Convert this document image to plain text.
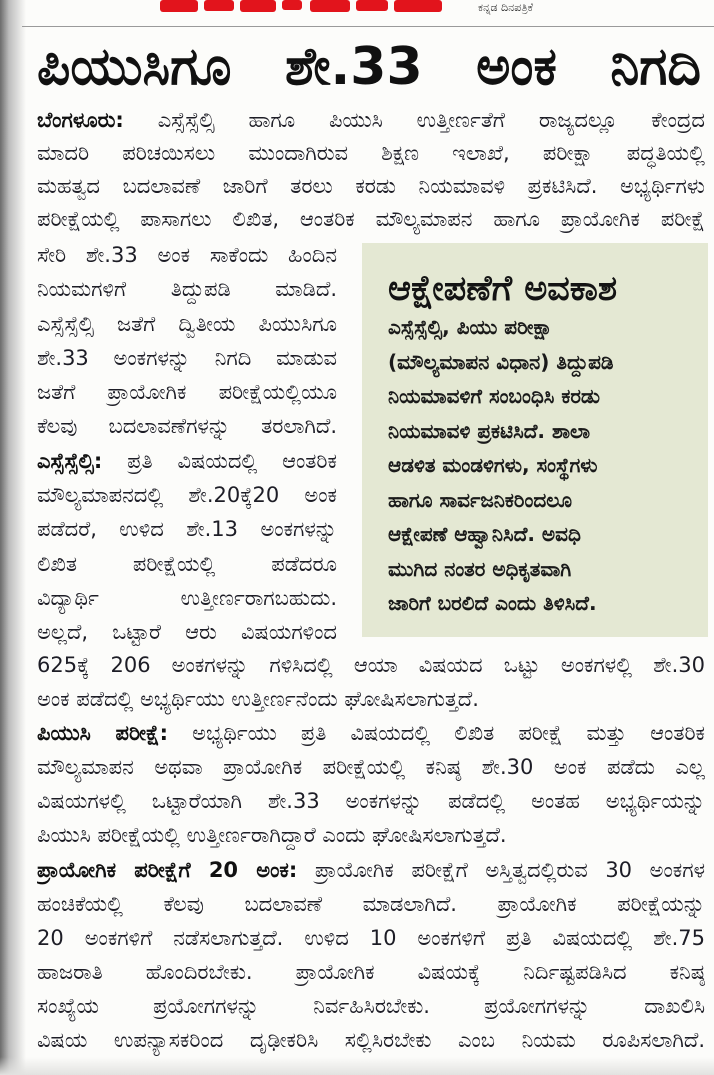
ಕನ್ನಡ ದಿನಪತ್ರಿಕೆ
ಪಿಯುಸಿಗೂ ಶೇ.33 ಅಂಕ ನಿಗದಿ
ಬೆಂಗಳೂರು: ಎಸ್ಸೆಸ್ಸೆಲ್ಸಿ ಹಾಗೂ ಪಿಯುಸಿ ಉತ್ತೀರ್ಣತೆಗೆ ರಾಜ್ಯದಲ್ಲೂ ಕೇಂದ್ರದ
ಮಾದರಿ ಪರಿಚಯಿಸಲು ಮುಂದಾಗಿರುವ ಶಿಕ್ಷಣ ಇಲಾಖೆ, ಪರೀಕ್ಷಾ ಪದ್ಧತಿಯಲ್ಲಿ
ಮಹತ್ವದ ಬದಲಾವಣೆ ಜಾರಿಗೆ ತರಲು ಕರಡು ನಿಯಮಾವಳಿ ಪ್ರಕಟಿಸಿದೆ. ಅಭ್ಯರ್ಥಿಗಳು
ಪರೀಕ್ಷೆಯಲ್ಲಿ ಪಾಸಾಗಲು ಲಿಖಿತ, ಆಂತರಿಕ ಮೌಲ್ಯಮಾಪನ ಹಾಗೂ ಪ್ರಾಯೋಗಿಕ ಪರೀಕ್ಷೆ
ಸೇರಿ ಶೇ.33 ಅಂಕ ಸಾಕೆಂದು ಹಿಂದಿನ
ನಿಯಮಗಳಿಗೆ ತಿದ್ದುಪಡಿ ಮಾಡಿದೆ.
ಎಸ್ಸೆಸ್ಸೆಲ್ಸಿ ಜತೆಗೆ ದ್ವಿತೀಯ ಪಿಯುಸಿಗೂ
ಶೇ.33 ಅಂಕಗಳನ್ನು ನಿಗದಿ ಮಾಡುವ
ಜತೆಗೆ ಪ್ರಾಯೋಗಿಕ ಪರೀಕ್ಷೆಯಲ್ಲಿಯೂ
ಕೆಲವು ಬದಲಾವಣೆಗಳನ್ನು ತರಲಾಗಿದೆ.
ಎಸ್ಸೆಸ್ಸೆಲ್ಸಿ: ಪ್ರತಿ ವಿಷಯದಲ್ಲಿ ಆಂತರಿಕ
ಮೌಲ್ಯಮಾಪನದಲ್ಲಿ ಶೇ.20ಕ್ಕೆ20 ಅಂಕ
ಪಡೆದರೆ, ಉಳಿದ ಶೇ.13 ಅಂಕಗಳನ್ನು
ಲಿಖಿತ ಪರೀಕ್ಷೆಯಲ್ಲಿ ಪಡೆದರೂ
ವಿದ್ಯಾರ್ಥಿ ಉತ್ತೀರ್ಣರಾಗಬಹುದು.
ಅಲ್ಲದೆ, ಒಟ್ಟಾರೆ ಆರು ವಿಷಯಗಳಿಂದ
625ಕ್ಕೆ 206 ಅಂಕಗಳನ್ನು ಗಳಿಸಿದಲ್ಲಿ ಆಯಾ ವಿಷಯದ ಒಟ್ಟು ಅಂಕಗಳಲ್ಲಿ ಶೇ.30
ಅಂಕ ಪಡೆದಲ್ಲಿ ಅಭ್ಯರ್ಥಿಯು ಉತ್ತೀರ್ಣನೆಂದು ಘೋಷಿಸಲಾಗುತ್ತದೆ.
ಪಿಯುಸಿ ಪರೀಕ್ಷೆ: ಅಭ್ಯರ್ಥಿಯು ಪ್ರತಿ ವಿಷಯದಲ್ಲಿ ಲಿಖಿತ ಪರೀಕ್ಷೆ ಮತ್ತು ಆಂತರಿಕ
ಮೌಲ್ಯಮಾಪನ ಅಥವಾ ಪ್ರಾಯೋಗಿಕ ಪರೀಕ್ಷೆಯಲ್ಲಿ ಕನಿಷ್ಠ ಶೇ.30 ಅಂಕ ಪಡೆದು ಎಲ್ಲ
ವಿಷಯಗಳಲ್ಲಿ ಒಟ್ಟಾರೆಯಾಗಿ ಶೇ.33 ಅಂಕಗಳನ್ನು ಪಡೆದಲ್ಲಿ ಅಂತಹ ಅಭ್ಯರ್ಥಿಯನ್ನು
ಪಿಯುಸಿ ಪರೀಕ್ಷೆಯಲ್ಲಿ ಉತ್ತೀರ್ಣರಾಗಿದ್ದಾರೆ ಎಂದು ಘೋಷಿಸಲಾಗುತ್ತದೆ.
ಪ್ರಾಯೋಗಿಕ ಪರೀಕ್ಷೆಗೆ 20 ಅಂಕ: ಪ್ರಾಯೋಗಿಕ ಪರೀಕ್ಷೆಗೆ ಅಸ್ತಿತ್ವದಲ್ಲಿರುವ 30 ಅಂಕಗಳ
ಹಂಚಿಕೆಯಲ್ಲಿ ಕೆಲವು ಬದಲಾವಣೆ ಮಾಡಲಾಗಿದೆ. ಪ್ರಾಯೋಗಿಕ ಪರೀಕ್ಷೆಯನ್ನು
20 ಅಂಕಗಳಿಗೆ ನಡೆಸಲಾಗುತ್ತದೆ. ಉಳಿದ 10 ಅಂಕಗಳಿಗೆ ಪ್ರತಿ ವಿಷಯದಲ್ಲಿ ಶೇ.75
ಹಾಜರಾತಿ ಹೊಂದಿರಬೇಕು. ಪ್ರಾಯೋಗಿಕ ವಿಷಯಕ್ಕೆ ನಿರ್ದಿಷ್ಟಪಡಿಸಿದ ಕನಿಷ್ಠ
ಸಂಖ್ಯೆಯ ಪ್ರಯೋಗಗಳನ್ನು ನಿರ್ವಹಿಸಿರಬೇಕು. ಪ್ರಯೋಗಗಳನ್ನು ದಾಖಲಿಸಿ
ವಿಷಯ ಉಪನ್ಯಾಸಕರಿಂದ ದೃಢೀಕರಿಸಿ ಸಲ್ಲಿಸಿರಬೇಕು ಎಂಬ ನಿಯಮ ರೂಪಿಸಲಾಗಿದೆ.
ಆಕ್ಷೇಪಣೆಗೆ ಅವಕಾಶ
ಎಸ್ಸೆಸ್ಸೆಲ್ಸಿ, ಪಿಯು ಪರೀಕ್ಷಾ
(ಮೌಲ್ಯಮಾಪನ ವಿಧಾನ) ತಿದ್ದುಪಡಿ
ನಿಯಮಾವಳಿಗೆ ಸಂಬಂಧಿಸಿ ಕರಡು
ನಿಯಮಾವಳಿ ಪ್ರಕಟಿಸಿದೆ. ಶಾಲಾ
ಆಡಳಿತ ಮಂಡಳಿಗಳು, ಸಂಸ್ಥೆಗಳು
ಹಾಗೂ ಸಾರ್ವಜನಿಕರಿಂದಲೂ
ಆಕ್ಷೇಪಣೆ ಆಹ್ವಾನಿಸಿದೆ. ಅವಧಿ
ಮುಗಿದ ನಂತರ ಅಧಿಕೃತವಾಗಿ
ಜಾರಿಗೆ ಬರಲಿದೆ ಎಂದು ತಿಳಿಸಿದೆ.
